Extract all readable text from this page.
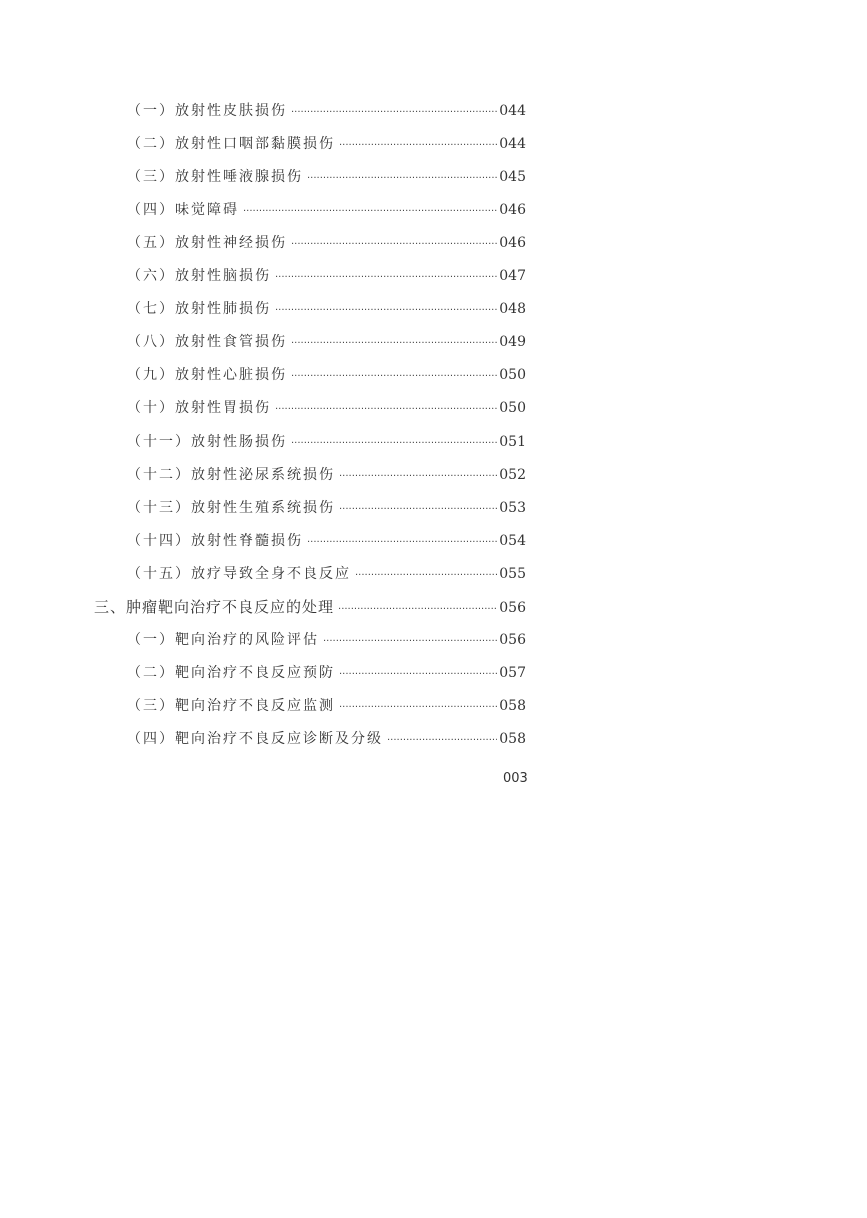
（一）放射性皮肤损伤 ·····	044
（二）放射性口咽部黏膜损伤 ·····	044
（三）放射性唾液腺损伤 ·····	045
（四）味觉障碍 ·····	046
（五）放射性神经损伤 ·····	046
（六）放射性脑损伤 ·····	047
（七）放射性肺损伤 ·····	048
（八）放射性食管损伤 ·····	049
（九）放射性心脏损伤 ·····	050
（十）放射性胃损伤 ·····	050
（十一）放射性肠损伤 ·····	051
（十二）放射性泌尿系统损伤 ·····	052
（十三）放射性生殖系统损伤 ·····	053
（十四）放射性脊髓损伤 ·····	054
（十五）放疗导致全身不良反应 ·····	055
三、肿瘤靶向治疗不良反应的处理 ·····	056
（一）靶向治疗的风险评估 ·····	056
（二）靶向治疗不良反应预防 ·····	057
（三）靶向治疗不良反应监测 ·····	058
（四）靶向治疗不良反应诊断及分级 ·····	058
003
